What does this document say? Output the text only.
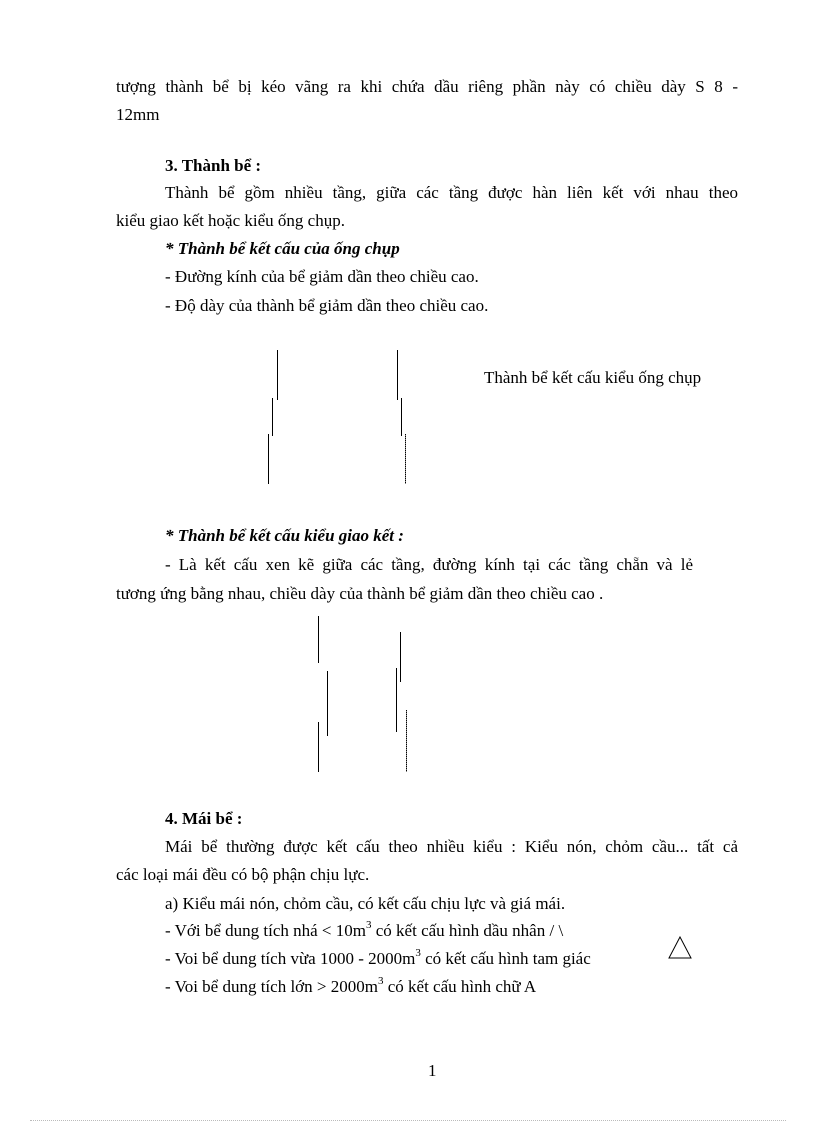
tượng thành bể bị kéo vãng ra khi chứa dầu riêng phần này có chiều dày S 8 -

12mm

3. Thành bể :

Thành bể gồm nhiều tầng, giữa các tầng được hàn liên kết với nhau theo

kiểu giao kết hoặc kiểu ống chụp.

* Thành bể kết cấu của ống chụp

- Đường kính của bể giảm dần theo chiều cao.

- Độ dày của thành bể giảm dần theo chiều cao.

Thành bể kết cấu kiểu ống chụp

* Thành bể kết cấu kiểu giao kết :

- Là kết cấu xen kẽ giữa các tầng, đường kính tại các tầng chẵn và lẻ

tương ứng bằng nhau, chiều dày của thành bể giảm dần theo chiều cao .

4. Mái bể :

Mái bể thường được kết cấu theo nhiều kiểu : Kiểu nón, chỏm cầu... tất cả

các loại mái đều có bộ phận chịu lực.

a) Kiểu mái nón, chỏm cầu, có kết cấu chịu lực và giá mái.

- Với bể dung tích nhá < $10m^3$ có kết cấu hình dầu nhân / \

- Voi bể dung tích vừa $1000 - 2000m^3$ có kết cấu hình tam giác

- Voi bể dung tích lớn > $2000m^3$ có kết cấu hình chữ A

1
